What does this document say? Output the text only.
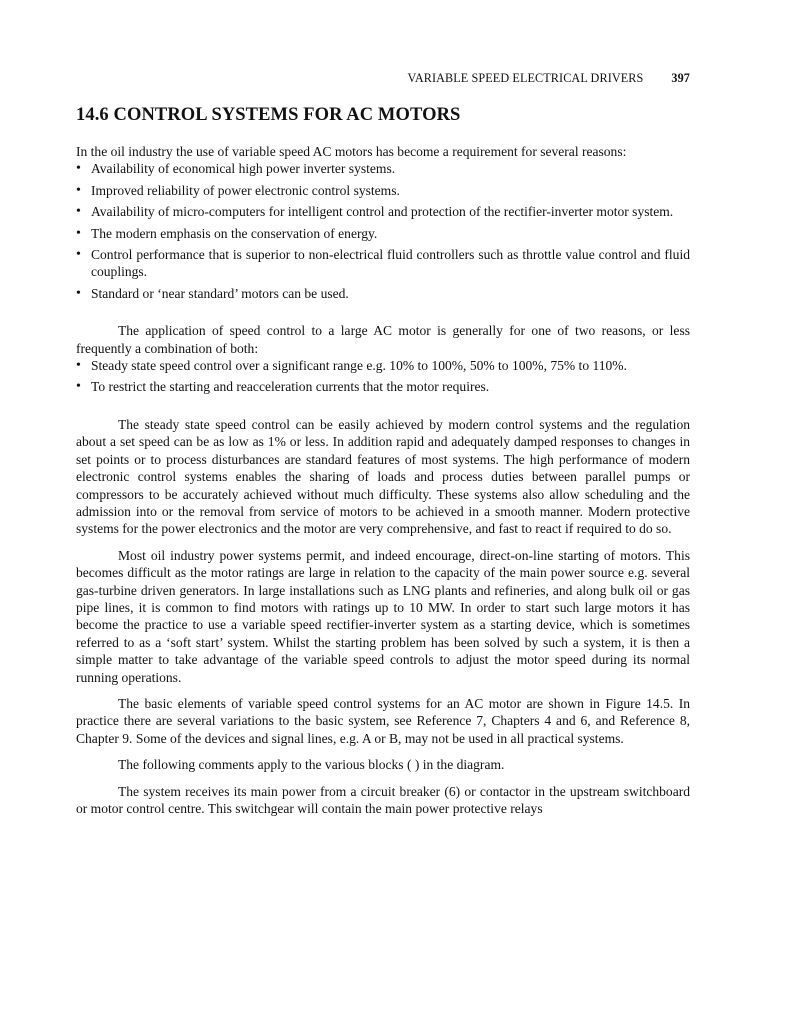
VARIABLE SPEED ELECTRICAL DRIVERS 397
14.6 CONTROL SYSTEMS FOR AC MOTORS

In the oil industry the use of variable speed AC motors has become a requirement for several reasons:

• Availability of economical high power inverter systems.
• Improved reliability of power electronic control systems.
• Availability of micro-computers for intelligent control and protection of the rectifier-inverter motor system.
• The modern emphasis on the conservation of energy.
• Control performance that is superior to non-electrical fluid controllers such as throttle value control and fluid couplings.
• Standard or ‘near standard’ motors can be used.

The application of speed control to a large AC motor is generally for one of two reasons, or less frequently a combination of both:

• Steady state speed control over a significant range e.g. 10% to 100%, 50% to 100%, 75% to 110%.
• To restrict the starting and reacceleration currents that the motor requires.

The steady state speed control can be easily achieved by modern control systems and the regulation about a set speed can be as low as 1% or less. In addition rapid and adequately damped responses to changes in set points or to process disturbances are standard features of most systems. The high performance of modern electronic control systems enables the sharing of loads and process duties between parallel pumps or compressors to be accurately achieved without much difficulty. These systems also allow scheduling and the admission into or the removal from service of motors to be achieved in a smooth manner. Modern protective systems for the power electronics and the motor are very comprehensive, and fast to react if required to do so.

Most oil industry power systems permit, and indeed encourage, direct-on-line starting of motors. This becomes difficult as the motor ratings are large in relation to the capacity of the main power source e.g. several gas-turbine driven generators. In large installations such as LNG plants and refineries, and along bulk oil or gas pipe lines, it is common to find motors with ratings up to 10 MW. In order to start such large motors it has become the practice to use a variable speed rectifier-inverter system as a starting device, which is sometimes referred to as a ‘soft start’ system. Whilst the starting problem has been solved by such a system, it is then a simple matter to take advantage of the variable speed controls to adjust the motor speed during its normal running operations.

The basic elements of variable speed control systems for an AC motor are shown in Figure 14.5. In practice there are several variations to the basic system, see Reference 7, Chapters 4 and 6, and Reference 8, Chapter 9. Some of the devices and signal lines, e.g. A or B, may not be used in all practical systems.

The following comments apply to the various blocks ( ) in the diagram.

The system receives its main power from a circuit breaker (6) or contactor in the upstream switchboard or motor control centre. This switchgear will contain the main power protective relays
